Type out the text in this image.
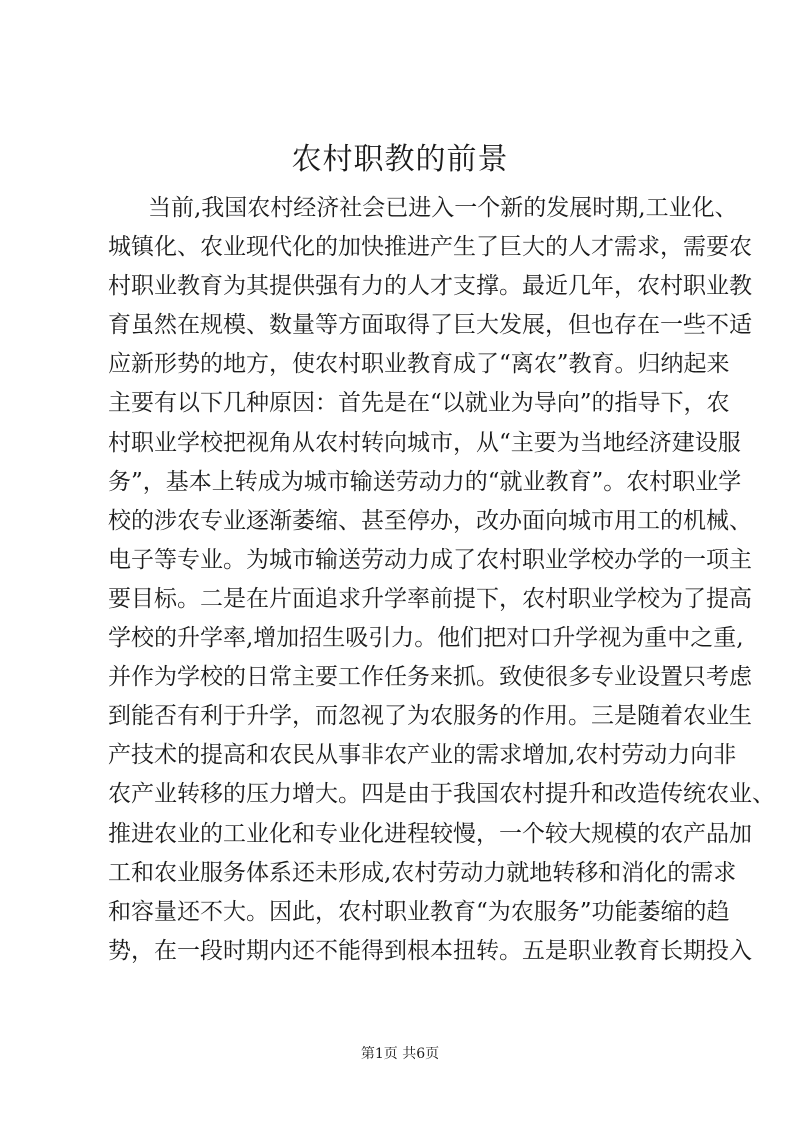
农村职教的前景
当前,我国农村经济社会已进入一个新的发展时期,工业化、
城镇化、农业现代化的加快推进产生了巨大的人才需求，需要农
村职业教育为其提供强有力的人才支撑。最近几年，农村职业教
育虽然在规模、数量等方面取得了巨大发展，但也存在一些不适
应新形势的地方，使农村职业教育成了“离农”教育。归纳起来
主要有以下几种原因：首先是在“以就业为导向”的指导下，农
村职业学校把视角从农村转向城市，从“主要为当地经济建设服
务”，基本上转成为城市输送劳动力的“就业教育”。农村职业学
校的涉农专业逐渐萎缩、甚至停办，改办面向城市用工的机械、
电子等专业。为城市输送劳动力成了农村职业学校办学的一项主
要目标。二是在片面追求升学率前提下，农村职业学校为了提高
学校的升学率,增加招生吸引力。他们把对口升学视为重中之重,
并作为学校的日常主要工作任务来抓。致使很多专业设置只考虑
到能否有利于升学，而忽视了为农服务的作用。三是随着农业生
产技术的提高和农民从事非农产业的需求增加,农村劳动力向非
农产业转移的压力增大。四是由于我国农村提升和改造传统农业、
推进农业的工业化和专业化进程较慢，一个较大规模的农产品加
工和农业服务体系还未形成,农村劳动力就地转移和消化的需求
和容量还不大。因此，农村职业教育“为农服务”功能萎缩的趋
势，在一段时期内还不能得到根本扭转。五是职业教育长期投入
第1页 共6页
